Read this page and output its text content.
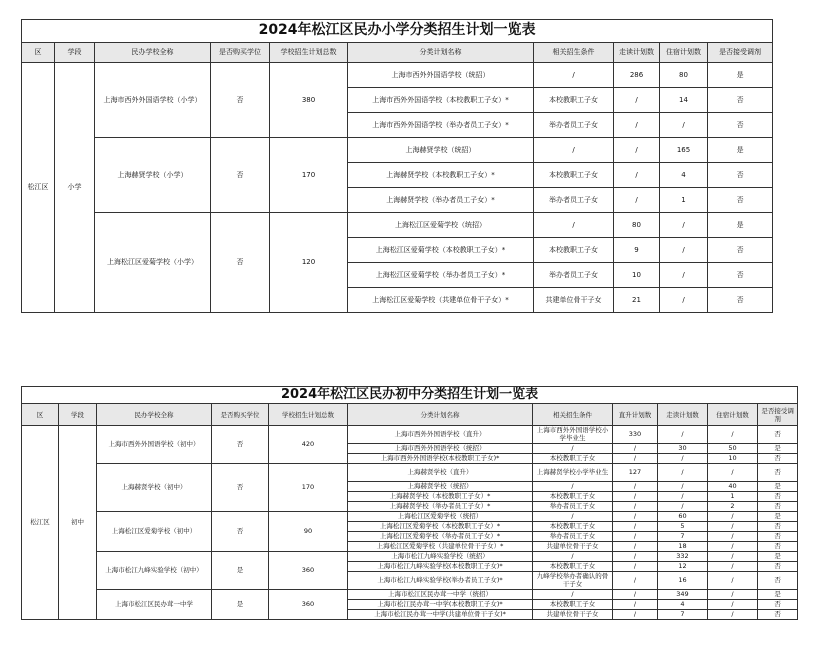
2024年松江区民办小学分类招生计划一览表									
区	学段	民办学校全称	是否购买学位	学校招生计划总数	分类计划名称	相关招生条件	走读计划数	住宿计划数	是否接受调剂
松江区	小学	上海市西外外国语学校（小学）	否	380	上海市西外外国语学校（统招）	/	286	80	是
					上海市西外外国语学校（本校教职工子女）*	本校教职工子女	/	14	否
					上海市西外外国语学校（举办者员工子女）*	举办者员工子女	/	/	否
		上海赫贤学校（小学）	否	170	上海赫贤学校（统招）	/	/	165	是
					上海赫贤学校（本校教职工子女）*	本校教职工子女	/	4	否
					上海赫贤学校（举办者员工子女）*	举办者员工子女	/	1	否
		上海松江区爱菊学校（小学）	否	120	上海松江区爱菊学校（统招）	/	80	/	是
					上海松江区爱菊学校（本校教职工子女）*	本校教职工子女	9	/	否
					上海松江区爱菊学校（举办者员工子女）*	举办者员工子女	10	/	否
					上海松江区爱菊学校（共建单位骨干子女）*	共建单位骨干子女	21	/	否
2024年松江区民办初中分类招生计划一览表										
区	学段	民办学校全称	是否购买学位	学校招生计划总数	分类计划名称	相关招生条件	直升计划数	走读计划数	住宿计划数	是否接受调剂
松江区	初中	上海市西外外国语学校（初中）	否	420	上海市西外外国语学校（直升）	上海市西外外国语学校小学毕业生	330	/	/	否
					上海市西外外国语学校（统招）	/	/	30	50	是
					上海市西外外国语学校(本校教职工子女)*	本校教职工子女	/	/	10	否
		上海赫贤学校（初中）	否	170	上海赫贤学校（直升）	上海赫贤学校小学毕业生	127	/	/	否
					上海赫贤学校（统招）	/	/	/	40	是
					上海赫贤学校（本校教职工子女）*	本校教职工子女	/	/	1	否
					上海赫贤学校（举办者员工子女）*	举办者员工子女	/	/	2	否
		上海松江区爱菊学校（初中）	否	90	上海松江区爱菊学校（统招）	/	/	60	/	是
					上海松江区爱菊学校（本校教职工子女）*	本校教职工子女	/	5	/	否
					上海松江区爱菊学校（举办者员工子女）*	举办者员工子女	/	7	/	否
					上海松江区爱菊学校（共建单位骨干子女）*	共建单位骨干子女	/	18	/	否
		上海市松江九峰实验学校（初中）	是	360	上海市松江九峰实验学校（统招）	/	/	332	/	是
					上海市松江九峰实验学校(本校教职工子女)*	本校教职工子女	/	12	/	否
					上海市松江九峰实验学校(举办者员工子女)*	九峰学校举办者确认的骨干子女	/	16	/	否
		上海市松江区民办茸一中学	是	360	上海市松江区民办茸一中学（统招）	/	/	349	/	是
					上海市松江民办茸一中学(本校教职工子女)*	本校教职工子女	/	4	/	否
					上海市松江民办茸一中学(共建单位骨干子女)*	共建单位骨干子女	/	7	/	否
